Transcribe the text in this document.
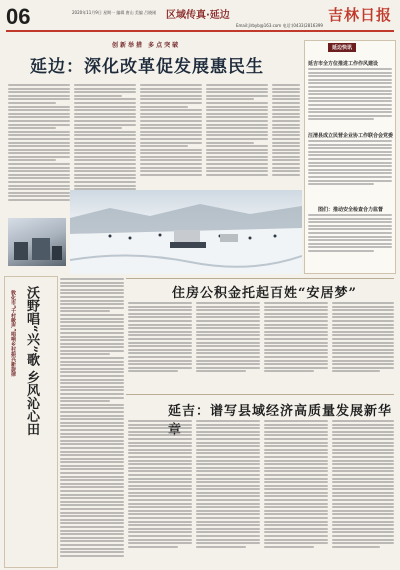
06	2020年11月9日 星期一 编辑 唐山 美编 吕晓刚 区域传真·延边
Email:jlrbyb@163.com 电话:(0433)2816399
吉林日报
创新举措 多点突破
延边：深化改革促发展惠民生
延边快讯
延吉市全方位推进工作作风建设
汪清县成立民营企业协工作联合会党委
图们：推动安全检查合力监督
敦化市“千村歌声”唱响乡村振兴新旋律 沃野唱“兴”歌 乡风沁心田	住房公积金托起百姓“安居梦”
延吉：谱写县域经济高质量发展新华
